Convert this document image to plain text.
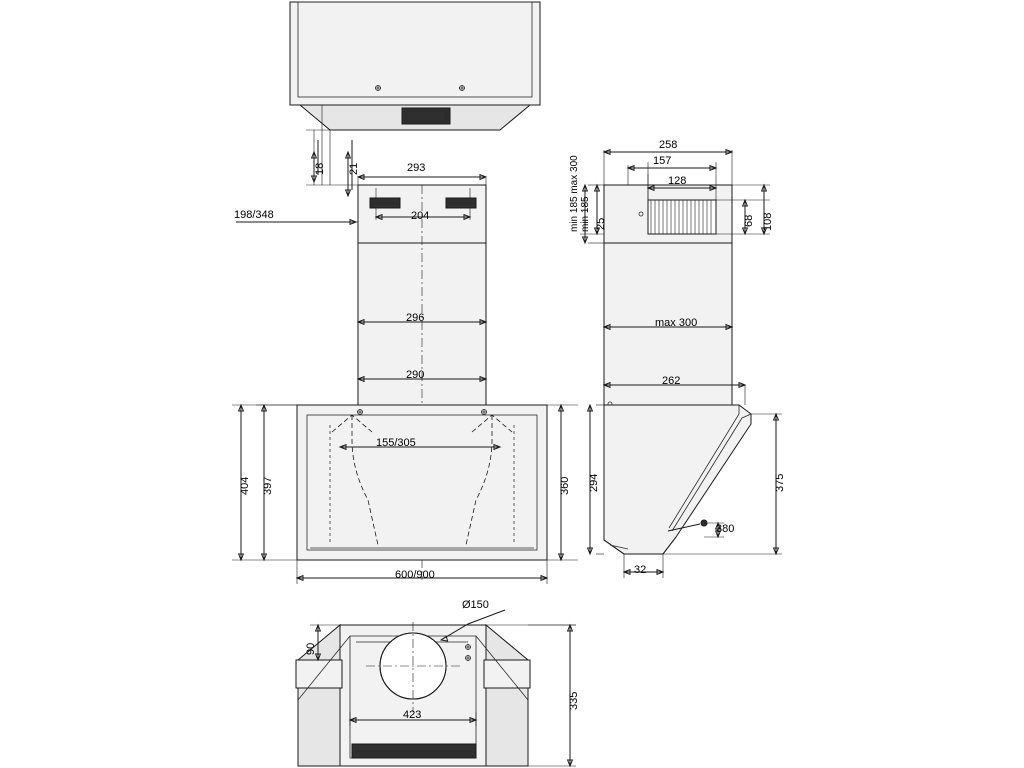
18 21	293
204
198/348
296
290
155/305
404 397	360
600/900
258
157
128
68 108
25
min 185 max 300 min 185
max 300
262
294	375
380
32
Ø150
90
423
335
